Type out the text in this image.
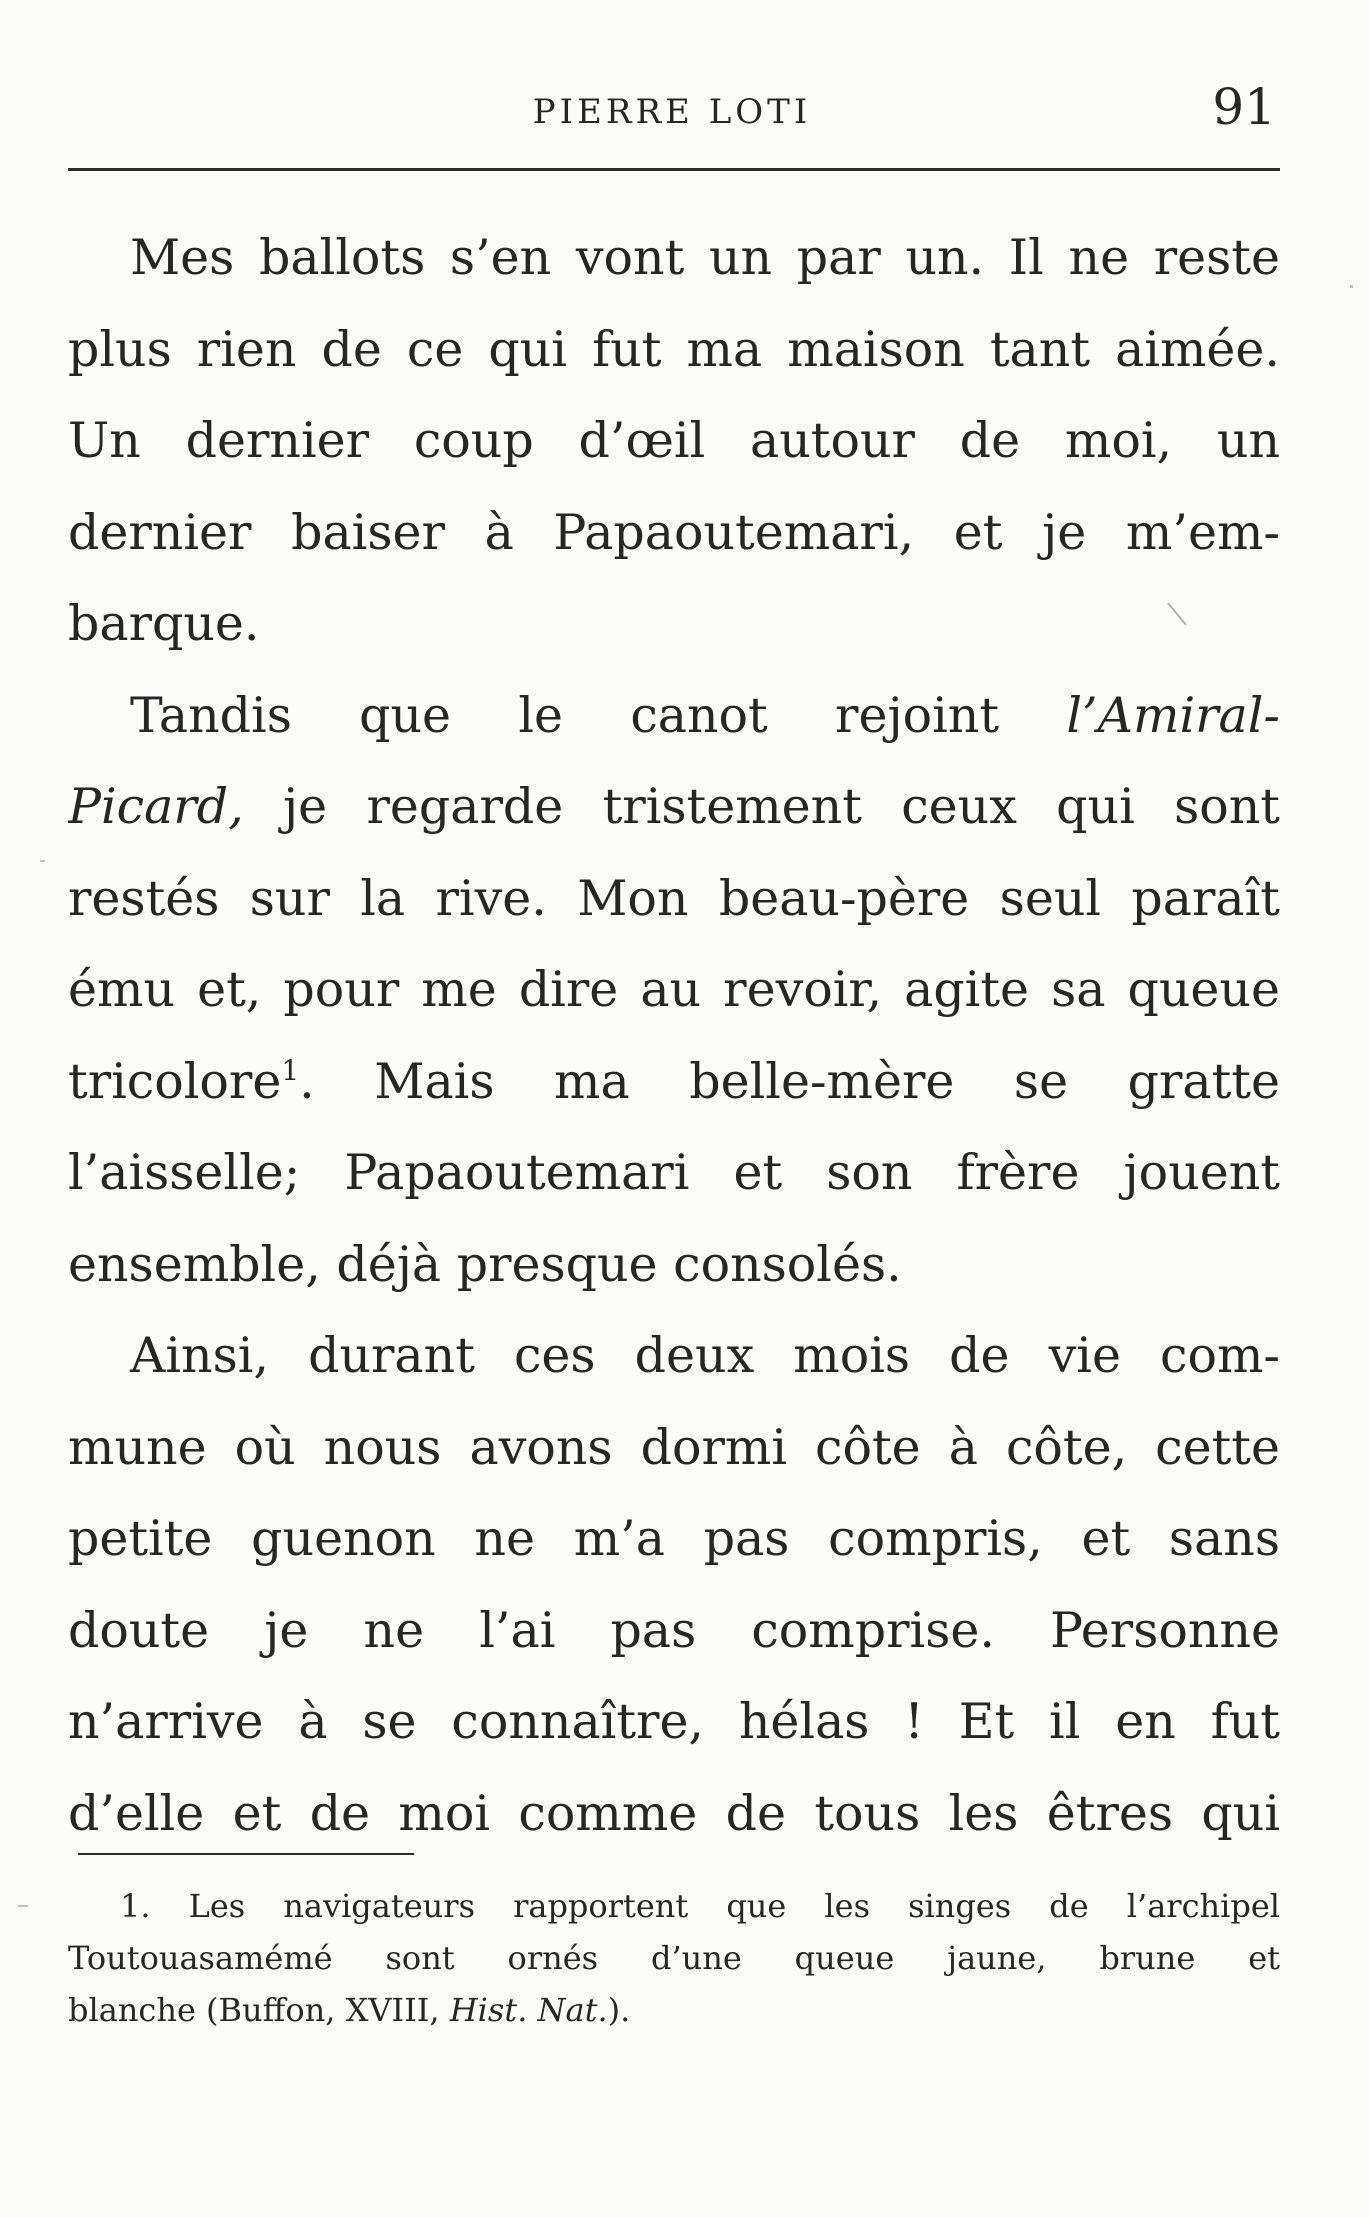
PIERRE LOTI	91
Mes ballots s’en vont un par un. Il ne reste
plus rien de ce qui fut ma maison tant aimée.
Un dernier coup d’œil autour de moi, un
dernier baiser à Papaoutemari, et je m’em-
barque.
Tandis que le canot rejoint l’Amiral-
Picard, je regarde tristement ceux qui sont
restés sur la rive. Mon beau-père seul paraît
ému et, pour me dire au revoir, agite sa queue
tricolore$^1$. Mais ma belle-mère se gratte
l’aisselle; Papaoutemari et son frère jouent
ensemble, déjà presque consolés.
Ainsi, durant ces deux mois de vie com-
mune où nous avons dormi côte à côte, cette
petite guenon ne m’a pas compris, et sans
doute je ne l’ai pas comprise. Personne
n’arrive à se connaître, hélas ! Et il en fut
d’elle et de moi comme de tous les êtres qui
1. Les navigateurs rapportent que les singes de l’archipel
Toutouasamémé sont ornés d’une queue jaune, brune et
blanche (Buffon, XVIII, Hist. Nat.).
